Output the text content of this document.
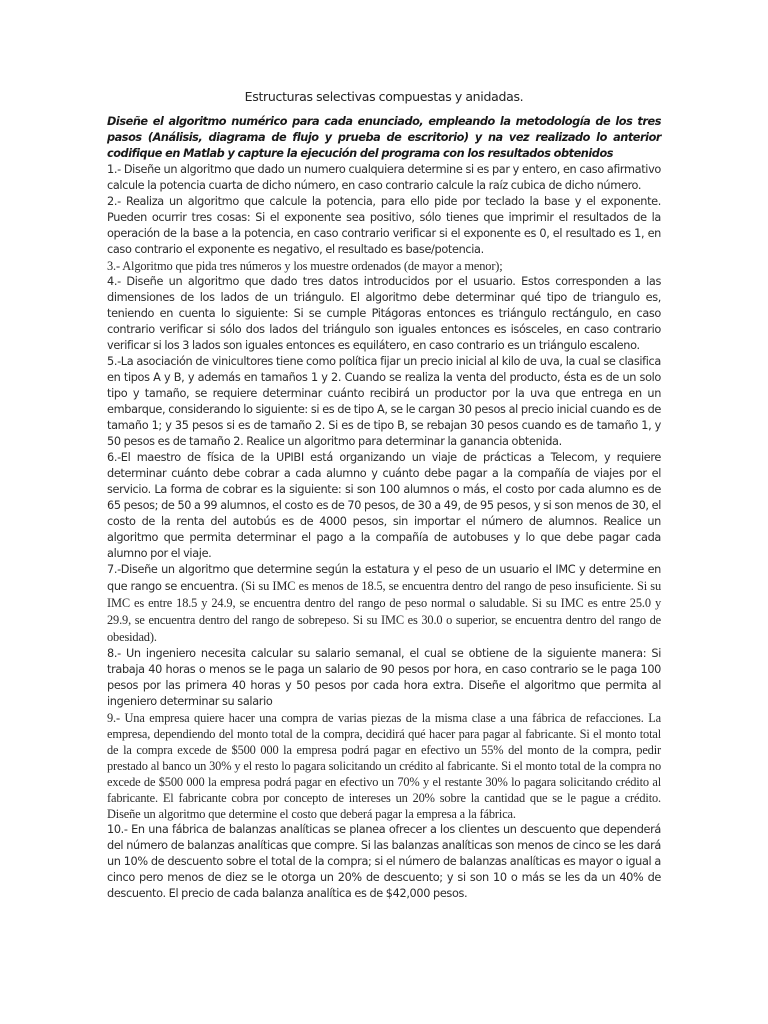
Estructuras selectivas compuestas y anidadas.

Diseñe el algoritmo numérico para cada enunciado, empleando la metodología de los tres pasos (Análisis, diagrama de flujo y prueba de escritorio) y na vez realizado lo anterior codifique en Matlab y capture la ejecución del programa con los resultados obtenidos

1.- Diseñe un algoritmo que dado un numero cualquiera determine si es par y entero, en caso afirmativo calcule la potencia cuarta de dicho número, en caso contrario calcule la raíz cubica de dicho número.

2.- Realiza un algoritmo que calcule la potencia, para ello pide por teclado la base y el exponente. Pueden ocurrir tres cosas: Si el exponente sea positivo, sólo tienes que imprimir el resultados de la operación de la base a la potencia, en caso contrario verificar si el exponente es 0, el resultado es 1, en caso contrario el exponente es negativo, el resultado es base/potencia.

3.- Algoritmo que pida tres números y los muestre ordenados (de mayor a menor);

4.- Diseñe un algoritmo que dado tres datos introducidos por el usuario. Estos corresponden a las dimensiones de los lados de un triángulo. El algoritmo debe determinar qué tipo de triangulo es, teniendo en cuenta lo siguiente: Si se cumple Pitágoras entonces es triángulo rectángulo, en caso contrario verificar si sólo dos lados del triángulo son iguales entonces es isósceles, en caso contrario verificar si los 3 lados son iguales entonces es equilátero, en caso contrario es un triángulo escaleno.

5.-La asociación de vinicultores tiene como política fijar un precio inicial al kilo de uva, la cual se clasifica en tipos A y B, y además en tamaños 1 y 2. Cuando se realiza la venta del producto, ésta es de un solo tipo y tamaño, se requiere determinar cuánto recibirá un productor por la uva que entrega en un embarque, considerando lo siguiente: si es de tipo A, se le cargan 30 pesos al precio inicial cuando es de tamaño 1; y 35 pesos si es de tamaño 2. Si es de tipo B, se rebajan 30 pesos cuando es de tamaño 1, y 50 pesos es de tamaño 2. Realice un algoritmo para determinar la ganancia obtenida.

6.-El maestro de física de la UPIBI está organizando un viaje de prácticas a Telecom, y requiere determinar cuánto debe cobrar a cada alumno y cuánto debe pagar a la compañía de viajes por el servicio. La forma de cobrar es la siguiente: si son 100 alumnos o más, el costo por cada alumno es de 65 pesos; de 50 a 99 alumnos, el costo es de 70 pesos, de 30 a 49, de 95 pesos, y si son menos de 30, el costo de la renta del autobús es de 4000 pesos, sin importar el número de alumnos. Realice un algoritmo que permita determinar el pago a la compañía de autobuses y lo que debe pagar cada alumno por el viaje.

7.-Diseñe un algoritmo que determine según la estatura y el peso de un usuario el IMC y determine en que rango se encuentra. (Si su IMC es menos de 18.5, se encuentra dentro del rango de peso insuficiente. Si su IMC es entre 18.5 y 24.9, se encuentra dentro del rango de peso normal o saludable. Si su IMC es entre 25.0 y 29.9, se encuentra dentro del rango de sobrepeso. Si su IMC es 30.0 o superior, se encuentra dentro del rango de obesidad).

8.- Un ingeniero necesita calcular su salario semanal, el cual se obtiene de la siguiente manera: Si trabaja 40 horas o menos se le paga un salario de 90 pesos por hora, en caso contrario se le paga 100 pesos por las primera 40 horas y 50 pesos por cada hora extra. Diseñe el algoritmo que permita al ingeniero determinar su salario

9.- Una empresa quiere hacer una compra de varias piezas de la misma clase a una fábrica de refacciones. La empresa, dependiendo del monto total de la compra, decidirá qué hacer para pagar al fabricante. Si el monto total de la compra excede de $500 000 la empresa podrá pagar en efectivo un 55% del monto de la compra, pedir prestado al banco un 30% y el resto lo pagara solicitando un crédito al fabricante. Si el monto total de la compra no excede de $500 000 la empresa podrá pagar en efectivo un 70% y el restante 30% lo pagara solicitando crédito al fabricante. El fabricante cobra por concepto de intereses un 20% sobre la cantidad que se le pague a crédito. Diseñe un algoritmo que determine el costo que deberá pagar la empresa a la fábrica.

10.- En una fábrica de balanzas analíticas se planea ofrecer a los clientes un descuento que dependerá del número de balanzas analíticas que compre. Si las balanzas analíticas son menos de cinco se les dará un 10% de descuento sobre el total de la compra; si el número de balanzas analíticas es mayor o igual a cinco pero menos de diez se le otorga un 20% de descuento; y si son 10 o más se les da un 40% de descuento. El precio de cada balanza analítica es de $42,000 pesos.
